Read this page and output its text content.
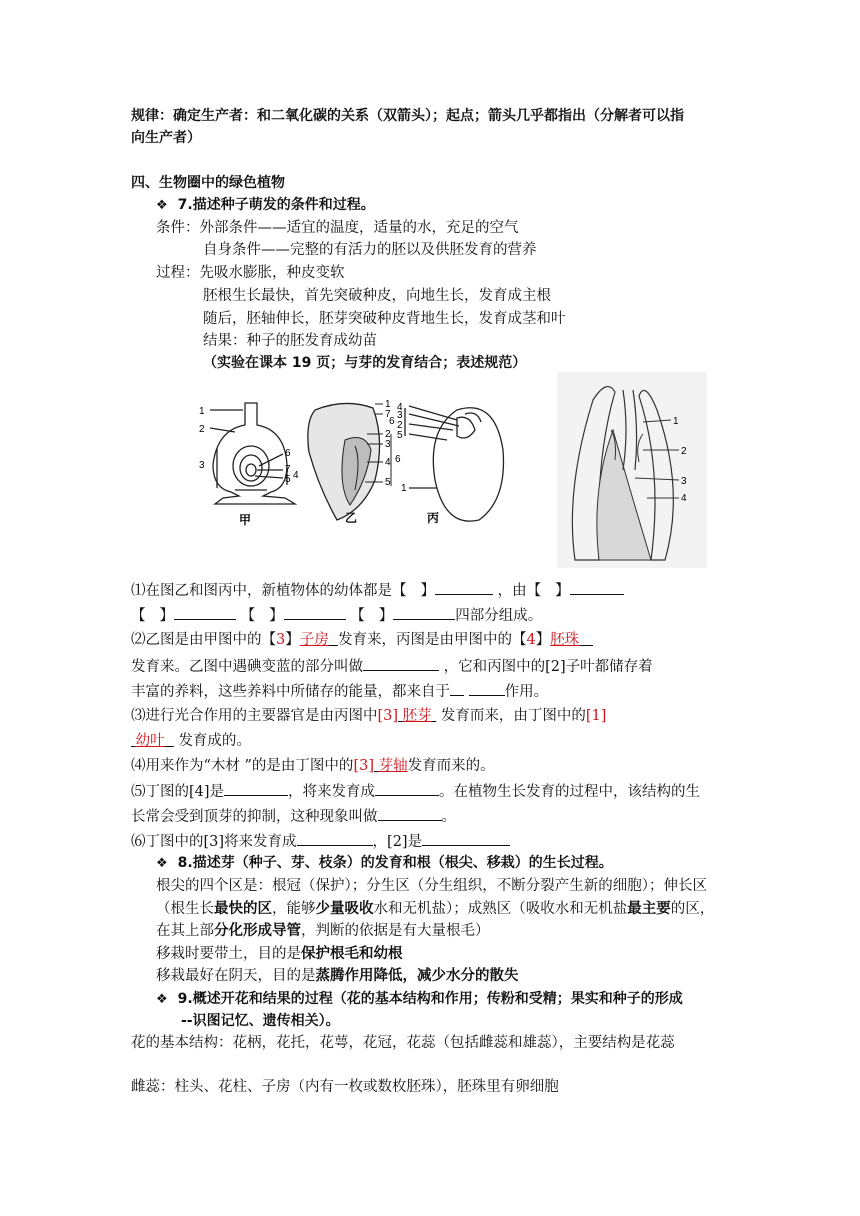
规律：确定生产者：和二氧化碳的关系（双箭头）；起点；箭头几乎都指出（分解者可以指
向生产者）
四、生物圈中的绿色植物
❖ 7.描述种子萌发的条件和过程。
条件：外部条件——适宜的温度，适量的水，充足的空气
自身条件——完整的有活力的胚以及供胚发育的营养
过程：先吸水膨胀，种皮变软
胚根生长最快，首先突破种皮，向地生长，发育成主根
随后，胚轴伸长，胚芽突破种皮背地生长，发育成茎和叶
结果：种子的胚发育成幼苗
（实验在课本 19 页；与芽的发育结合；表述规范）
1
2
3
6
7
5 4
甲
1
7
2
3
4
5
6
乙
4
3
2
5
6
1
丙
1
2
3
4
⑴在图乙和图丙中，新植物体的幼体都是【 】	，由【 】
【 】	【 】	【 】	四部分组成。
⑵乙图是由甲图中的【3】子房 发育来，丙图是由甲图中的【4】胚珠
发育来。乙图中遇碘变蓝的部分叫做	，它和丙图中的[2]子叶都储存着
丰富的养料，这些养料中所储存的能量，都来自于	作用。
⑶进行光合作用的主要器官是由丙图中[3] 胚芽 发育而来，由丁图中的[1]
幼叶 发育成的。
⑷用来作为“木材 ”的是由丁图中的[3] 芽轴发育而来的。
⑸丁图的[4]是	，将来发育成	。在植物生长发育的过程中，该结构的生
长常会受到顶芽的抑制，这种现象叫做	。
⑹丁图中的[3]将来发育成	，[2]是
❖ 8.描述芽（种子、芽、枝条）的发育和根（根尖、移栽）的生长过程。
根尖的四个区是：根冠（保护）；分生区（分生组织，不断分裂产生新的细胞）；伸长区
（根生长最快的区，能够少量吸收水和无机盐）；成熟区（吸收水和无机盐最主要的区，
在其上部分化形成导管，判断的依据是有大量根毛）
移栽时要带土，目的是保护根毛和幼根
移栽最好在阴天，目的是蒸腾作用降低，减少水分的散失
❖ 9.概述开花和结果的过程（花的基本结构和作用；传粉和受精；果实和种子的形成
--识图记忆、遗传相关）。
花的基本结构：花柄，花托，花萼，花冠，花蕊（包括雌蕊和雄蕊），主要结构是花蕊
雌蕊：柱头、花柱、子房（内有一枚或数枚胚珠），胚珠里有卵细胞
